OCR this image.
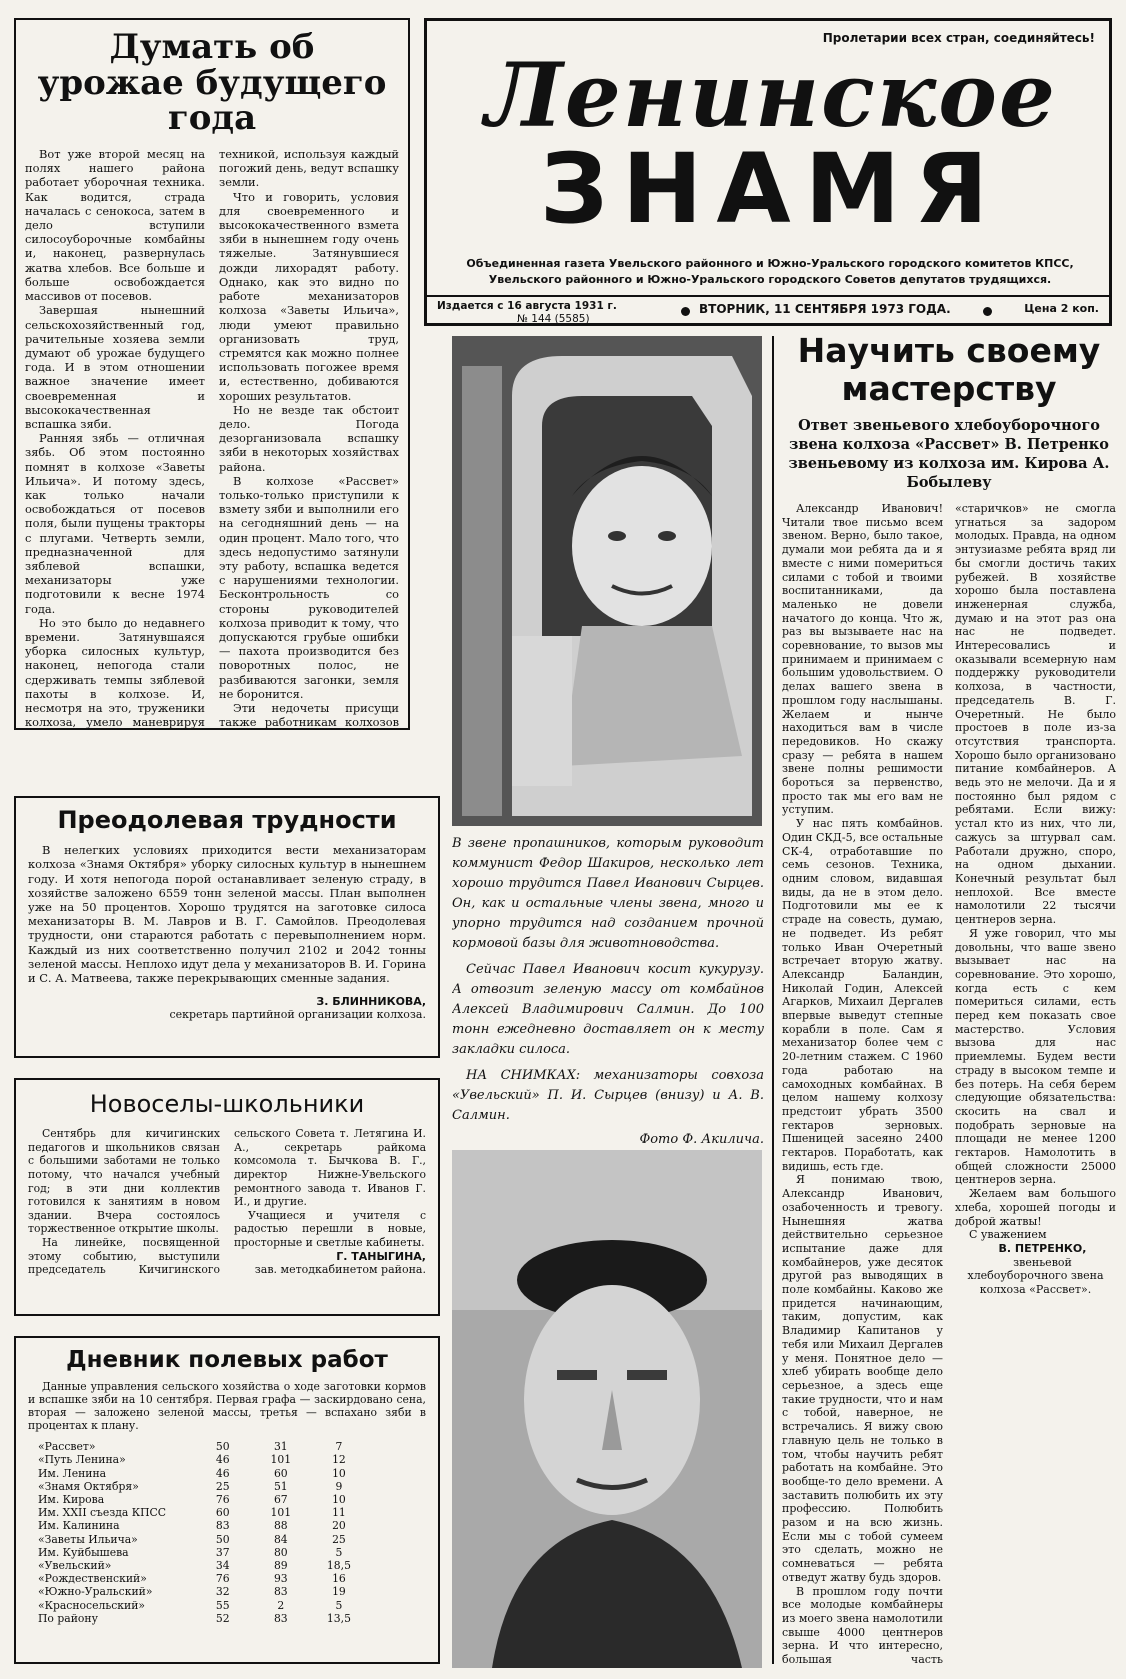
Думать об урожае будущего года

Вот уже второй месяц на полях нашего района работает уборочная техника. Как водится, страда началась с сенокоса, затем в дело вступили силосоуборочные комбайны и, наконец, развернулась жатва хлебов. Все больше и больше освобождается массивов от посевов.

Завершая нынешний сельскохозяйственный год, рачительные хозяева земли думают об урожае будущего года. И в этом отношении важное значение имеет своевременная и высококачественная вспашка зяби.

Ранняя зябь — отличная зябь. Об этом постоянно помнят в колхозе «Заветы Ильича». И потому здесь, как только начали освобождаться от посевов поля, были пущены тракторы с плугами. Четверть земли, предназначенной для зяблевой вспашки, механизаторы уже подготовили к весне 1974 года.

Но это было до недавнего времени. Затянувшаяся уборка силосных культур, наконец, непогода стали сдерживать темпы зяблевой пахоты в колхозе. И, несмотря на это, труженики колхоза, умело маневрируя техникой, используя каждый погожий день, ведут вспашку земли.

Что и говорить, условия для своевременного и высококачественного взмета зяби в нынешнем году очень тяжелые. Затянувшиеся дожди лихорадят работу. Однако, как это видно по работе механизаторов колхоза «Заветы Ильича», люди умеют правильно организовать труд, стремятся как можно полнее использовать погожее время и, естественно, добиваются хороших результатов.

Но не везде так обстоит дело. Погода дезорганизовала вспашку зяби в некоторых хозяйствах района.

В колхозе «Рассвет» только-только приступили к взмету зяби и выполнили его на сегодняшний день — на один процент. Мало того, что здесь недопустимо затянули эту работу, вспашка ведется с нарушениями технологии. Бесконтрольность со стороны руководителей колхоза приводит к тому, что допускаются грубые ошибки — пахота производится без поворотных полос, не разбиваются загонки, земля не боронится.

Эти недочеты присущи также работникам колхозов

Пролетарии всех стран, соединяйтесь!
Ленинское
ЗНАМЯ
Объединенная газета Увельского районного и Южно-Уральского городского комитетов КПСС,
Увельского районного и Южно-Уральского городского Советов депутатов трудящихся.
Издается с 16 августа 1931 г.
№ 144 (5585)
ВТОРНИК, 11 СЕНТЯБРЯ 1973 ГОДА.	Цена 2 коп.
Преодолевая трудности

В нелегких условиях приходится вести механизаторам колхоза «Знамя Октября» уборку силосных культур в нынешнем году. И хотя непогода порой останавливает зеленую страду, в хозяйстве заложено 6559 тонн зеленой массы. План выполнен уже на 50 процентов. Хорошо трудятся на заготовке силоса механизаторы В. М. Лавров и В. Г. Самойлов. Преодолевая трудности, они стараются работать с перевыполнением норм. Каждый из них соответственно получил 2102 и 2042 тонны зеленой массы. Неплохо идут дела у механизаторов В. И. Горина и С. А. Матвеева, также перекрывающих сменные задания.

З. БЛИННИКОВА,

секретарь партийной организации колхоза.

Новоселы-школьники

Сентябрь для кичигинских педагогов и школьников связан с большими заботами не только потому, что начался учебный год; в эти дни коллектив готовился к занятиям в новом здании. Вчера состоялось торжественное открытие школы.

На линейке, посвященной этому событию, выступили председатель Кичигинского сельского Совета т. Летягина И. А., секретарь райкома комсомола т. Бычкова В. Г., директор Нижне-Увельского ремонтного завода т. Иванов Г. И., и другие.

Учащиеся и учителя с радостью перешли в новые, просторные и светлые кабинеты.

Г. ТАНЫГИНА,

зав. методкабинетом района.

Дневник полевых работ

Данные управления сельского хозяйства о ходе заготовки кормов и вспашке зяби на 10 сентября. Первая графа — заскирдовано сена, вторая — заложено зеленой массы, третья — вспахано зяби в процентах к плану.

«Рассвет»	50	31	7
«Путь Ленина»	46	101	12
Им. Ленина	46	60	10
«Знамя Октября»	25	51	9
Им. Кирова	76	67	10
Им. XXII съезда КПСС	60	101	11
Им. Калинина	83	88	20
«Заветы Ильича»	50	84	25
Им. Куйбышева	37	80	5
«Увельский»	34	89	18,5
«Рождественский»	76	93	16
«Южно-Уральский»	32	83	19
«Красносельский»	55	2	5
По району	52	83	13,5

В звене пропашников, которым руководит коммунист Федор Шакиров, несколько лет хорошо трудится Павел Иванович Сырцев. Он, как и остальные члены звена, много и упорно трудится над созданием прочной кормовой базы для животноводства.

Сейчас Павел Иванович косит кукурузу. А отвозит зеленую массу от комбайнов Алексей Владимирович Салмин. До 100 тонн ежедневно доставляет он к месту закладки силоса.

НА СНИМКАХ: механизаторы совхоза «Увельский» П. И. Сырцев (внизу) и А. В. Салмин.

Фото Ф. Акилича.

Научить своему мастерству

Ответ звеньевого хлебоуборочного звена колхоза «Рассвет» В. Петренко звеньевому из колхоза им. Кирова А. Бобылеву

Александр Иванович! Читали твое письмо всем звеном. Верно, было такое, думали мои ребята да и я вместе с ними помериться силами с тобой и твоими воспитанниками, да маленько не довели начатого до конца. Что ж, раз вы вызываете нас на соревнование, то вызов мы принимаем и принимаем с большим удовольствием. О делах вашего звена в прошлом году наслышаны. Желаем и нынче находиться вам в числе передовиков. Но скажу сразу — ребята в нашем звене полны решимости бороться за первенство, просто так мы его вам не уступим.

У нас пять комбайнов. Один СКД-5, все остальные СК-4, отработавшие по семь сезонов. Техника, одним словом, видавшая виды, да не в этом дело. Подготовили мы ее к страде на совесть, думаю, не подведет. Из ребят только Иван Очеретный встречает вторую жатву. Александр Баландин, Николай Годин, Алексей Агарков, Михаил Дергалев впервые выведут степные корабли в поле. Сам я механизатор более чем с 20-летним стажем. С 1960 года работаю на самоходных комбайнах. В целом нашему колхозу предстоит убрать 3500 гектаров зерновых. Пшеницей засеяно 2400 гектаров. Поработать, как видишь, есть где.

Я понимаю твою, Александр Иванович, озабоченность и тревогу. Нынешняя жатва действительно серьезное испытание даже для комбайнеров, уже десяток другой раз выводящих в поле комбайны. Каково же придется начинающим, таким, допустим, как Владимир Капитанов у тебя или Михаил Дергалев у меня. Понятное дело — хлеб убирать вообще дело серьезное, а здесь еще такие трудности, что и нам с тобой, наверное, не встречались. Я вижу свою главную цель не только в том, чтобы научить ребят работать на комбайне. Это вообще-то дело времени. А заставить полюбить их эту профессию. Полюбить разом и на всю жизнь. Если мы с тобой сумеем это сделать, можно не сомневаться — ребята отведут жатву будь здоров.

В прошлом году почти все молодые комбайнеры из моего звена намолотили свыше 4000 центнеров зерна. И что интересно, большая часть «старичков» не смогла угнаться за задором молодых. Правда, на одном энтузиазме ребята вряд ли бы смогли достичь таких рубежей. В хозяйстве хорошо была поставлена инженерная служба, думаю и на этот раз она нас не подведет. Интересовались и оказывали всемерную нам поддержку руководители колхоза, в частности, председатель В. Г. Очеретный. Не было простоев в поле из-за отсутствия транспорта. Хорошо было организовано питание комбайнеров. А ведь это не мелочи. Да и я постоянно был рядом с ребятами. Если вижу: устал кто из них, что ли, сажусь за штурвал сам. Работали дружно, споро, на одном дыхании. Конечный результат был неплохой. Все вместе намолотили 22 тысячи центнеров зерна.

Я уже говорил, что мы довольны, что ваше звено вызывает нас на соревнование. Это хорошо, когда есть с кем помериться силами, есть перед кем показать свое мастерство. Условия вызова для нас приемлемы. Будем вести страду в высоком темпе и без потерь. На себя берем следующие обязательства: скосить на свал и подобрать зерновые на площади не менее 1200 гектаров. Намолотить в общей сложности 25000 центнеров зерна.

Желаем вам большого хлеба, хорошей погоды и доброй жатвы!

С уважением

В. ПЕТРЕНКО,

звеньевой хлебоуборочного звена колхоза «Рассвет».
